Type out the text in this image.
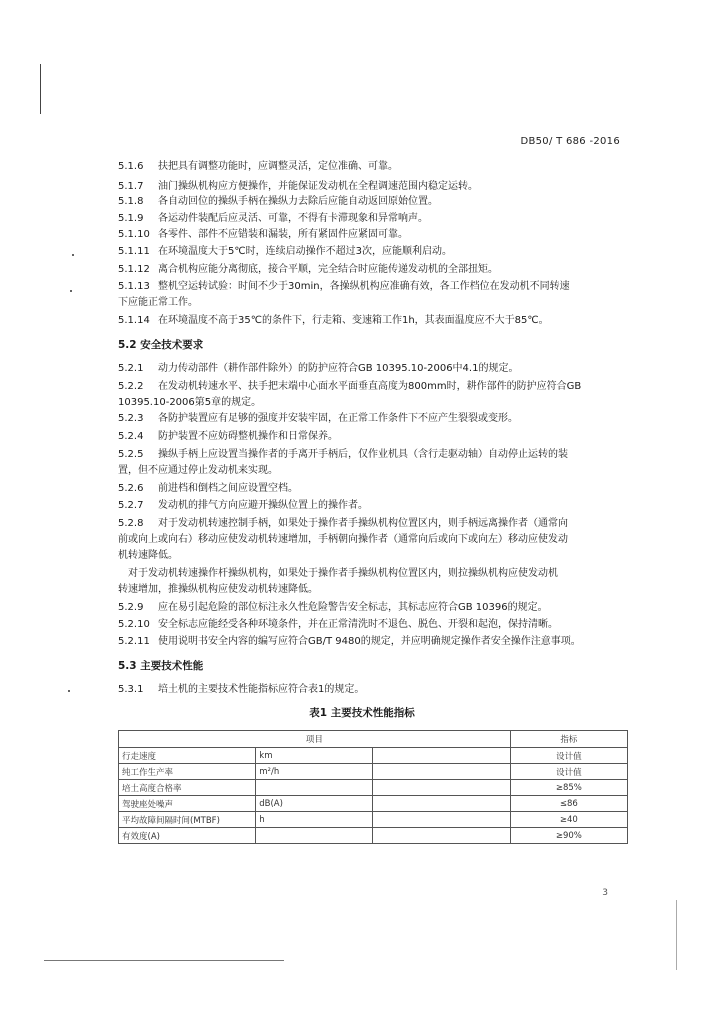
DB50/ T 686 -2016
5.1.6 扶把具有调整功能时，应调整灵活，定位准确、可靠。
5.1.7 油门操纵机构应方便操作，并能保证发动机在全程调速范围内稳定运转。
5.1.8 各自动回位的操纵手柄在操纵力去除后应能自动返回原始位置。
5.1.9 各运动件装配后应灵活、可靠，不得有卡滞现象和异常响声。
5.1.10 各零件、部件不应错装和漏装，所有紧固件应紧固可靠。
5.1.11 在环境温度大于5℃时，连续启动操作不超过3次，应能顺利启动。
5.1.12 离合机构应能分离彻底，接合平顺，完全结合时应能传递发动机的全部扭矩。
5.1.13 整机空运转试验：时间不少于30min，各操纵机构应准确有效，各工作档位在发动机不同转速
下应能正常工作。
5.1.14 在环境温度不高于35℃的条件下，行走箱、变速箱工作1h，其表面温度应不大于85℃。
5.2 安全技术要求
5.2.1 动力传动部件（耕作部件除外）的防护应符合GB 10395.10-2006中4.1的规定。
5.2.2 在发动机转速水平、扶手把末端中心面水平面垂直高度为800mm时，耕作部件的防护应符合GB
10395.10-2006第5章的规定。
5.2.3 各防护装置应有足够的强度并安装牢固，在正常工作条件下不应产生裂裂或变形。
5.2.4 防护装置不应妨碍整机操作和日常保养。
5.2.5 操纵手柄上应设置当操作者的手离开手柄后，仅作业机具（含行走驱动轴）自动停止运转的装
置，但不应通过停止发动机来实现。
5.2.6 前进档和倒档之间应设置空档。
5.2.7 发动机的排气方向应避开操纵位置上的操作者。
5.2.8 对于发动机转速控制手柄，如果处于操作者手操纵机构位置区内，则手柄远离操作者（通常向
前或向上或向右）移动应使发动机转速增加，手柄朝向操作者（通常向后或向下或向左）移动应使发动
机转速降低。
对于发动机转速操作杆操纵机构，如果处于操作者手操纵机构位置区内，则拉操纵机构应使发动机
转速增加，推操纵机构应使发动机转速降低。
5.2.9 应在易引起危险的部位标注永久性危险警告安全标志，其标志应符合GB 10396的规定。
5.2.10 安全标志应能经受各种环境条件，并在正常清洗时不退色、脱色、开裂和起泡，保持清晰。
5.2.11 使用说明书安全内容的编写应符合GB/T 9480的规定，并应明确规定操作者安全操作注意事项。
5.3 主要技术性能
5.3.1 培土机的主要技术性能指标应符合表1的规定。
表1 主要技术性能指标
项目			指标
行走速度	km		设计值
纯工作生产率	m²/h		设计值
培土高度合格率			≥85%
驾驶座处噪声	dB(A)		≤86
平均故障间隔时间(MTBF)	h		≥40
有效度(A)			≥90%
3
